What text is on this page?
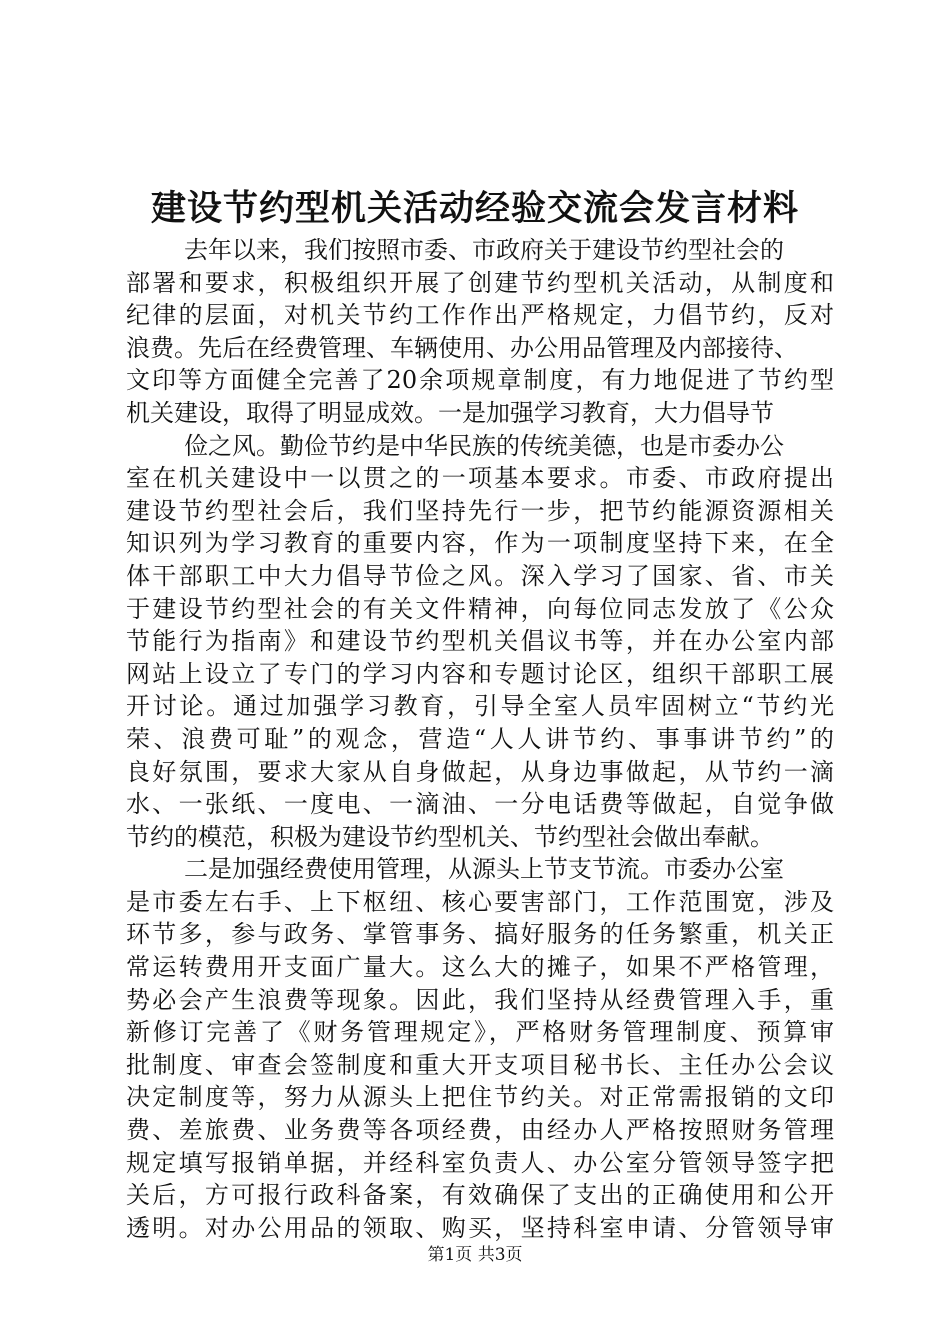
建设节约型机关活动经验交流会发言材料
去年以来，我们按照市委、市政府关于建设节约型社会的
部署和要求，积极组织开展了创建节约型机关活动，从制度和
纪律的层面，对机关节约工作作出严格规定，力倡节约，反对
浪费。先后在经费管理、车辆使用、办公用品管理及内部接待、
文印等方面健全完善了20余项规章制度，有力地促进了节约型
机关建设，取得了明显成效。一是加强学习教育，大力倡导节
俭之风。勤俭节约是中华民族的传统美德，也是市委办公
室在机关建设中一以贯之的一项基本要求。市委、市政府提出
建设节约型社会后，我们坚持先行一步，把节约能源资源相关
知识列为学习教育的重要内容，作为一项制度坚持下来，在全
体干部职工中大力倡导节俭之风。深入学习了国家、省、市关
于建设节约型社会的有关文件精神，向每位同志发放了《公众
节能行为指南》和建设节约型机关倡议书等，并在办公室内部
网站上设立了专门的学习内容和专题讨论区，组织干部职工展
开讨论。通过加强学习教育，引导全室人员牢固树立“节约光
荣、浪费可耻”的观念，营造“人人讲节约、事事讲节约”的
良好氛围，要求大家从自身做起，从身边事做起，从节约一滴
水、一张纸、一度电、一滴油、一分电话费等做起，自觉争做
节约的模范，积极为建设节约型机关、节约型社会做出奉献。
二是加强经费使用管理，从源头上节支节流。市委办公室
是市委左右手、上下枢纽、核心要害部门，工作范围宽，涉及
环节多，参与政务、掌管事务、搞好服务的任务繁重，机关正
常运转费用开支面广量大。这么大的摊子，如果不严格管理，
势必会产生浪费等现象。因此，我们坚持从经费管理入手，重
新修订完善了《财务管理规定》，严格财务管理制度、预算审
批制度、审查会签制度和重大开支项目秘书长、主任办公会议
决定制度等，努力从源头上把住节约关。对正常需报销的文印
费、差旅费、业务费等各项经费，由经办人严格按照财务管理
规定填写报销单据，并经科室负责人、办公室分管领导签字把
关后，方可报行政科备案，有效确保了支出的正确使用和公开
透明。对办公用品的领取、购买，坚持科室申请、分管领导审
第1页 共3页
